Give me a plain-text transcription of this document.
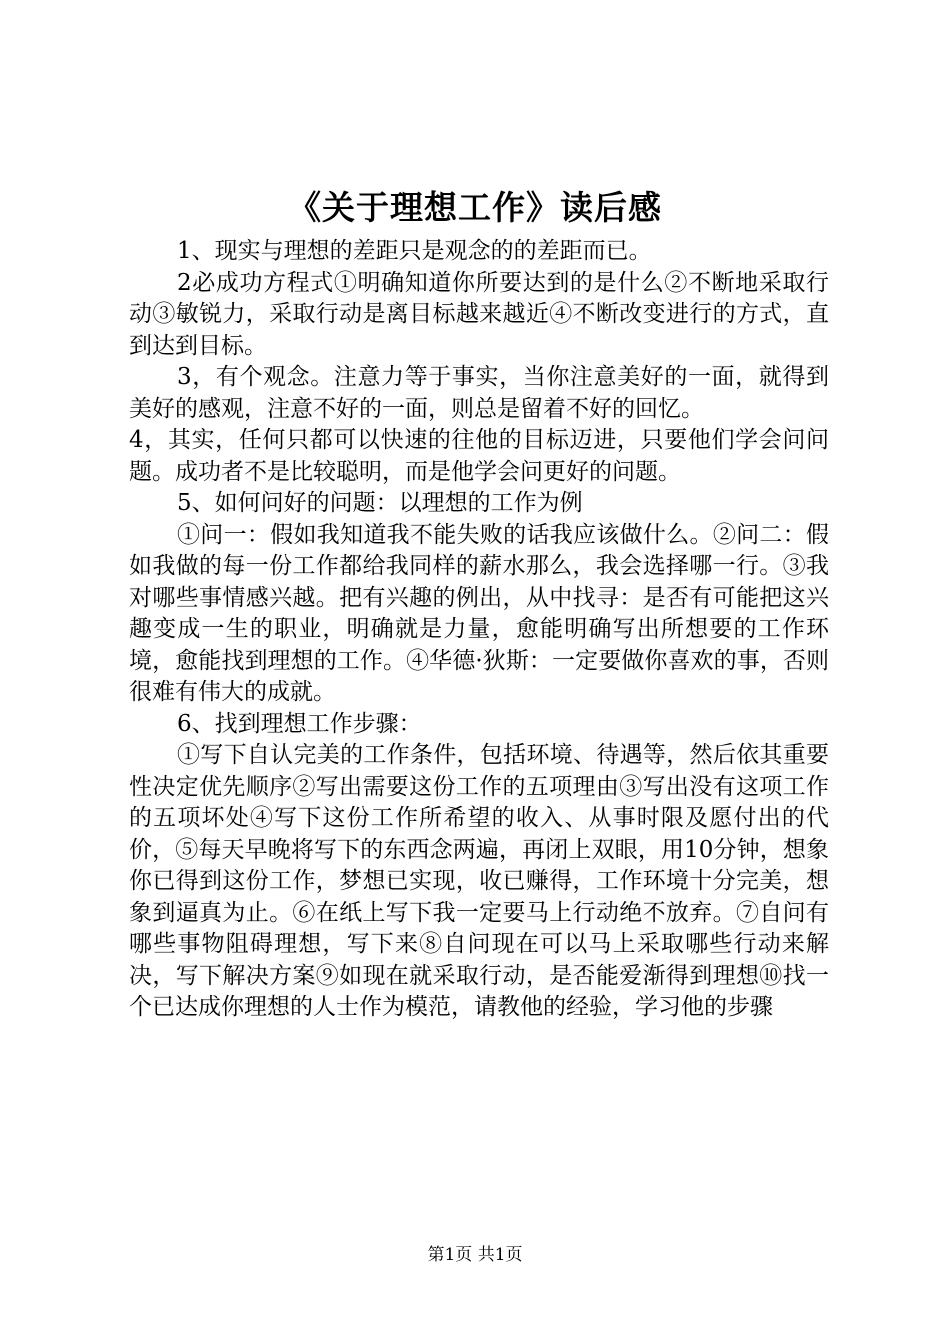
《关于理想工作》读后感

1、现实与理想的差距只是观念的的差距而已。

2必成功方程式①明确知道你所要达到的是什么②不断地采取行动③敏锐力，采取行动是离目标越来越近④不断改变进行的方式，直到达到目标。

3，有个观念。注意力等于事实，当你注意美好的一面，就得到美好的感观，注意不好的一面，则总是留着不好的回忆。

4，其实，任何只都可以快速的往他的目标迈进，只要他们学会问问题。成功者不是比较聪明，而是他学会问更好的问题。

5、如何问好的问题：以理想的工作为例

①问一：假如我知道我不能失败的话我应该做什么。②问二：假如我做的每一份工作都给我同样的薪水那么，我会选择哪一行。③我对哪些事情感兴越。把有兴趣的例出，从中找寻：是否有可能把这兴趣变成一生的职业，明确就是力量，愈能明确写出所想要的工作环境，愈能找到理想的工作。④华德·狄斯：一定要做你喜欢的事，否则很难有伟大的成就。

6、找到理想工作步骤：

①写下自认完美的工作条件，包括环境、待遇等，然后依其重要性决定优先顺序②写出需要这份工作的五项理由③写出没有这项工作的五项坏处④写下这份工作所希望的收入、从事时限及愿付出的代价，⑤每天早晚将写下的东西念两遍，再闭上双眼，用10分钟，想象你已得到这份工作，梦想已实现，收已赚得，工作环境十分完美，想象到逼真为止。⑥在纸上写下我一定要马上行动绝不放弃。⑦自问有哪些事物阻碍理想，写下来⑧自问现在可以马上采取哪些行动来解决，写下解决方案⑨如现在就采取行动，是否能爱渐得到理想⑩找一个已达成你理想的人士作为模范，请教他的经验，学习他的步骤

第1页 共1页
